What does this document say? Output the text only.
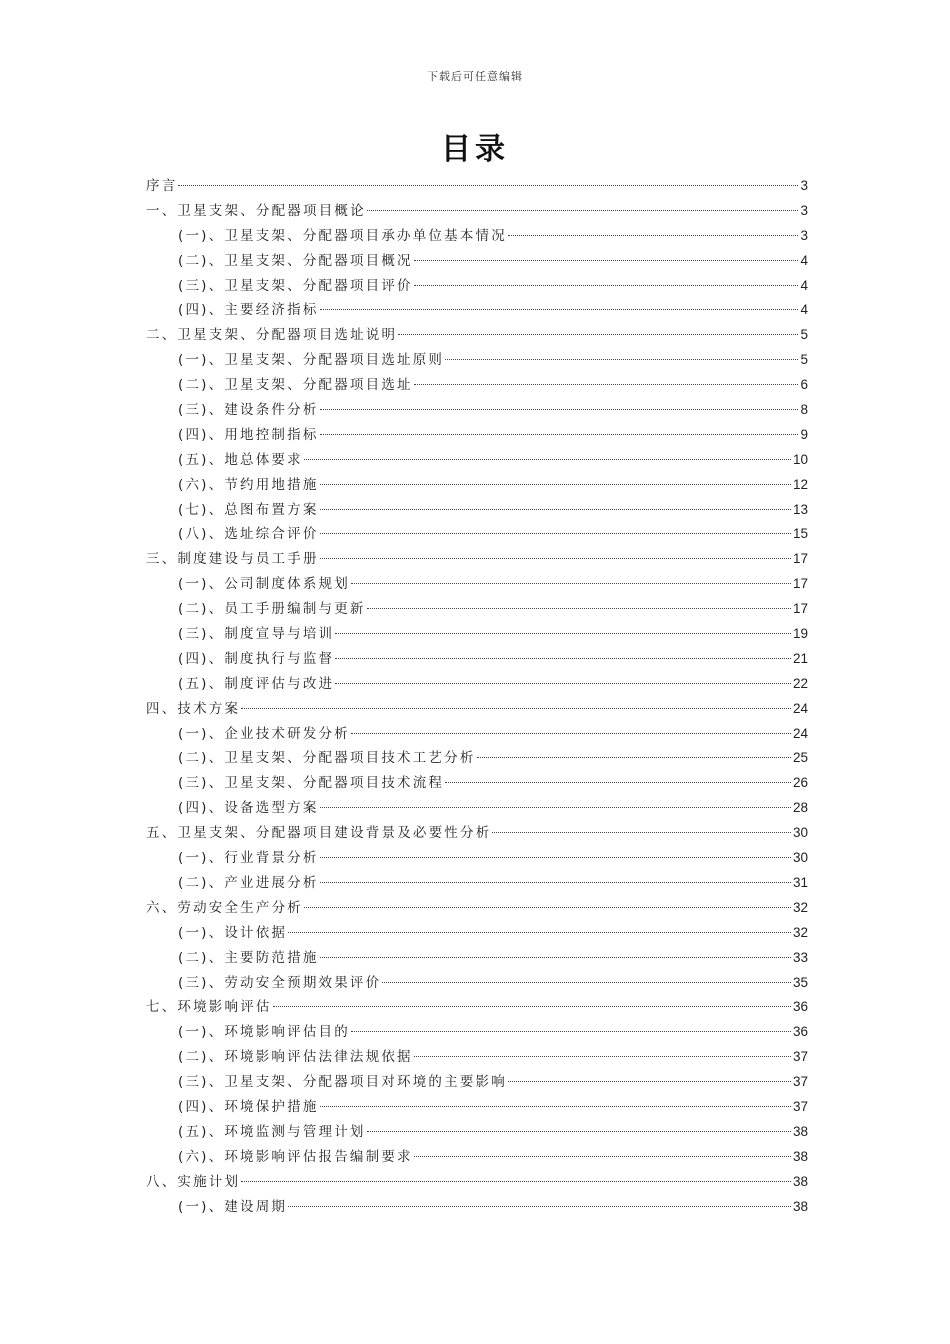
下载后可任意编辑
目录
序言	3
一、卫星支架、分配器项目概论	3
(一)、卫星支架、分配器项目承办单位基本情况	3
(二)、卫星支架、分配器项目概况	4
(三)、卫星支架、分配器项目评价	4
(四)、主要经济指标	4
二、卫星支架、分配器项目选址说明	5
(一)、卫星支架、分配器项目选址原则	5
(二)、卫星支架、分配器项目选址	6
(三)、建设条件分析	8
(四)、用地控制指标	9
(五)、地总体要求	10
(六)、节约用地措施	12
(七)、总图布置方案	13
(八)、选址综合评价	15
三、制度建设与员工手册	17
(一)、公司制度体系规划	17
(二)、员工手册编制与更新	17
(三)、制度宣导与培训	19
(四)、制度执行与监督	21
(五)、制度评估与改进	22
四、技术方案	24
(一)、企业技术研发分析	24
(二)、卫星支架、分配器项目技术工艺分析	25
(三)、卫星支架、分配器项目技术流程	26
(四)、设备选型方案	28
五、卫星支架、分配器项目建设背景及必要性分析	30
(一)、行业背景分析	30
(二)、产业进展分析	31
六、劳动安全生产分析	32
(一)、设计依据	32
(二)、主要防范措施	33
(三)、劳动安全预期效果评价	35
七、环境影响评估	36
(一)、环境影响评估目的	36
(二)、环境影响评估法律法规依据	37
(三)、卫星支架、分配器项目对环境的主要影响	37
(四)、环境保护措施	37
(五)、环境监测与管理计划	38
(六)、环境影响评估报告编制要求	38
八、实施计划	38
(一)、建设周期	38
